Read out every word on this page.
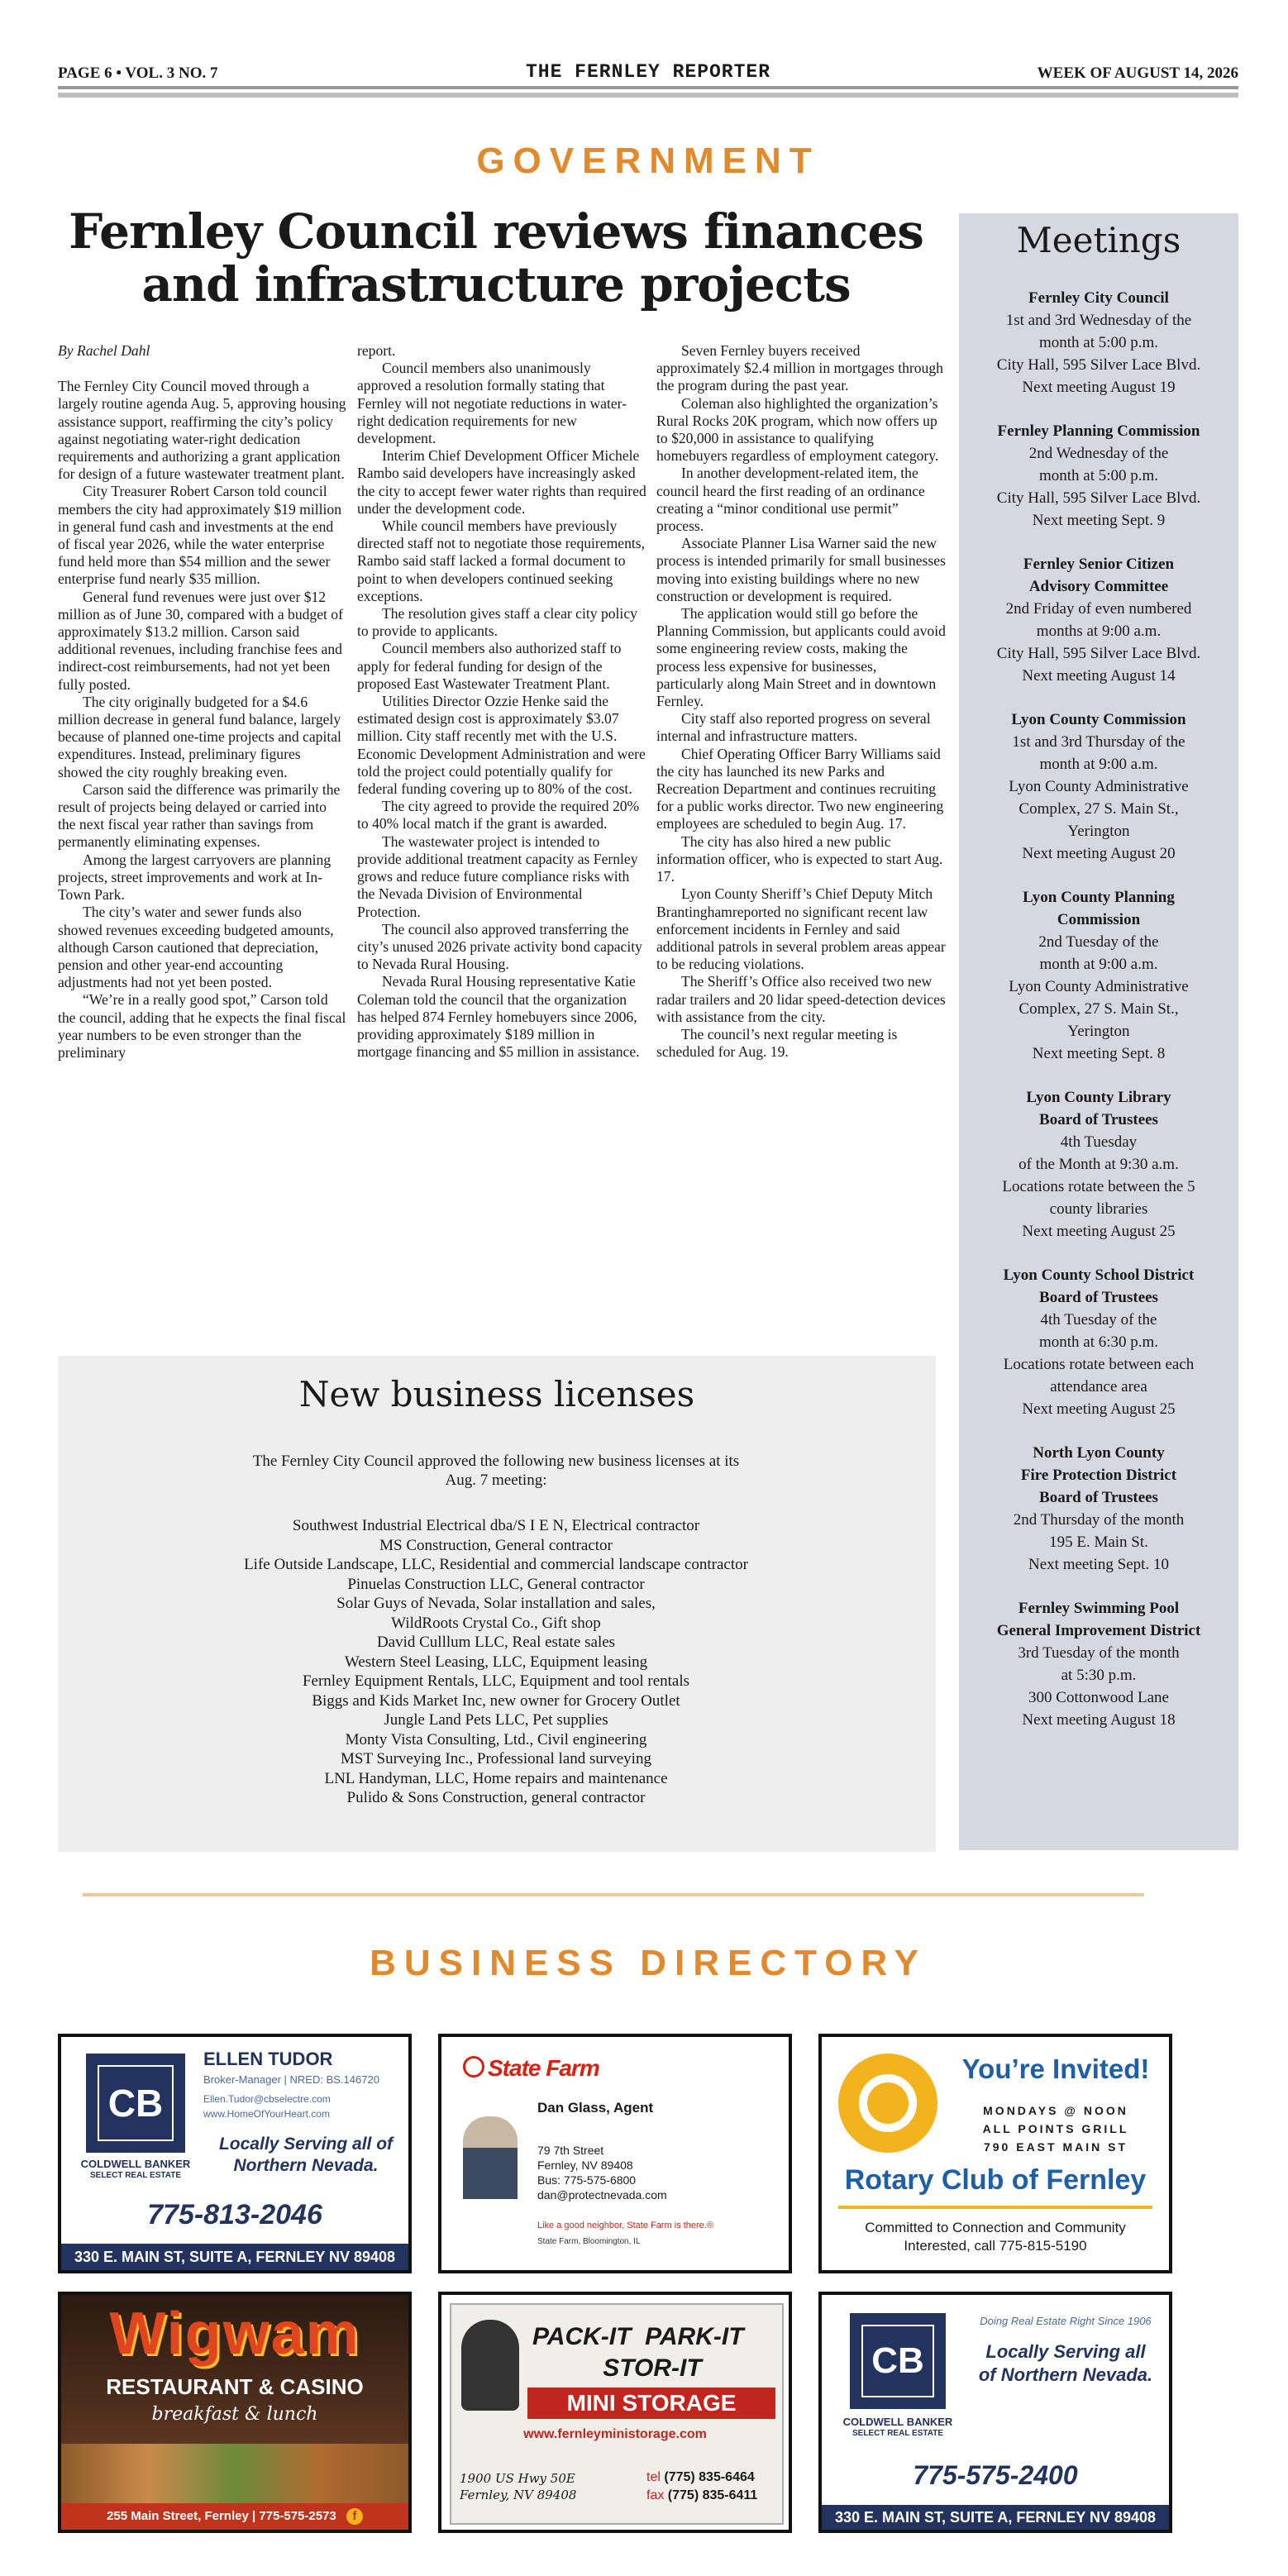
PAGE 6 • VOL. 3 NO. 7	THE FERNLEY REPORTER	WEEK OF AUGUST 14, 2026
GOVERNMENT
Fernley Council reviews finances and infrastructure projects

By Rachel Dahl

The Fernley City Council moved through a largely routine agenda Aug. 5, approving housing assistance support, reaffirming the city’s policy against negotiating water-right dedication requirements and authorizing a grant application for design of a future wastewater treatment plant.

City Treasurer Robert Carson told council members the city had approximately $19 million in general fund cash and investments at the end of fiscal year 2026, while the water enterprise fund held more than $54 million and the sewer enterprise fund nearly $35 million.

General fund revenues were just over $12 million as of June 30, compared with a budget of approximately $13.2 million. Carson said additional revenues, including franchise fees and indirect-cost reimbursements, had not yet been fully posted.

The city originally budgeted for a $4.6 million decrease in general fund balance, largely because of planned one-time projects and capital expenditures. Instead, preliminary figures showed the city roughly breaking even.

Carson said the difference was primarily the result of projects being delayed or carried into the next fiscal year rather than savings from permanently eliminating expenses.

Among the largest carryovers are planning projects, street improvements and work at In-Town Park.

The city’s water and sewer funds also showed revenues exceeding budgeted amounts, although Carson cautioned that depreciation, pension and other year-end accounting adjustments had not yet been posted.

“We’re in a really good spot,” Carson told the council, adding that he expects the final fiscal year numbers to be even stronger than the preliminary

report.

Council members also unanimously approved a resolution formally stating that Fernley will not negotiate reductions in water-right dedication requirements for new development.

Interim Chief Development Officer Michele Rambo said developers have increasingly asked the city to accept fewer water rights than required under the development code.

While council members have previously directed staff not to negotiate those requirements, Rambo said staff lacked a formal document to point to when developers continued seeking exceptions.

The resolution gives staff a clear city policy to provide to applicants.

Council members also authorized staff to apply for federal funding for design of the proposed East Wastewater Treatment Plant.

Utilities Director Ozzie Henke said the estimated design cost is approximately $3.07 million. City staff recently met with the U.S. Economic Development Administration and were told the project could potentially qualify for federal funding covering up to 80% of the cost.

The city agreed to provide the required 20% to 40% local match if the grant is awarded.

The wastewater project is intended to provide additional treatment capacity as Fernley grows and reduce future compliance risks with the Nevada Division of Environmental Protection.

The council also approved transferring the city’s unused 2026 private activity bond capacity to Nevada Rural Housing.

Nevada Rural Housing representative Katie Coleman told the council that the organization has helped 874 Fernley homebuyers since 2006, providing approximately $189 million in mortgage financing and $5 million in assistance.

Seven Fernley buyers received approximately $2.4 million in mortgages through the program during the past year.

Coleman also highlighted the organization’s Rural Rocks 20K program, which now offers up to $20,000 in assistance to qualifying homebuyers regardless of employment category.

In another development-related item, the council heard the first reading of an ordinance creating a “minor conditional use permit” process.

Associate Planner Lisa Warner said the new process is intended primarily for small businesses moving into existing buildings where no new construction or development is required.

The application would still go before the Planning Commission, but applicants could avoid some engineering review costs, making the process less expensive for businesses, particularly along Main Street and in downtown Fernley.

City staff also reported progress on several internal and infrastructure matters.

Chief Operating Officer Barry Williams said the city has launched its new Parks and Recreation Department and continues recruiting for a public works director. Two new engineering employees are scheduled to begin Aug. 17.

The city has also hired a new public information officer, who is expected to start Aug. 17.

Lyon County Sheriff’s Chief Deputy Mitch Brantinghamreported no significant recent law enforcement incidents in Fernley and said additional patrols in several problem areas appear to be reducing violations.

The Sheriff’s Office also received two new radar trailers and 20 lidar speed-detection devices with assistance from the city.

The council’s next regular meeting is scheduled for Aug. 19.

Meetings
Fernley City Council
1st and 3rd Wednesday of the
month at 5:00 p.m.
City Hall, 595 Silver Lace Blvd.
Next meeting August 19
Fernley Planning Commission
2nd Wednesday of the
month at 5:00 p.m.
City Hall, 595 Silver Lace Blvd.
Next meeting Sept. 9
Fernley Senior Citizen
Advisory Committee
2nd Friday of even numbered
months at 9:00 a.m.
City Hall, 595 Silver Lace Blvd.
Next meeting August 14
Lyon County Commission
1st and 3rd Thursday of the
month at 9:00 a.m.
Lyon County Administrative
Complex, 27 S. Main St.,
Yerington
Next meeting August 20
Lyon County Planning
Commission
2nd Tuesday of the
month at 9:00 a.m.
Lyon County Administrative
Complex, 27 S. Main St.,
Yerington
Next meeting Sept. 8
Lyon County Library
Board of Trustees
4th Tuesday
of the Month at 9:30 a.m.
Locations rotate between the 5
county libraries
Next meeting August 25
Lyon County School District
Board of Trustees
4th Tuesday of the
month at 6:30 p.m.
Locations rotate between each
attendance area
Next meeting August 25
North Lyon County
Fire Protection District
Board of Trustees
2nd Thursday of the month
195 E. Main St.
Next meeting Sept. 10
Fernley Swimming Pool
General Improvement District
3rd Tuesday of the month
at 5:30 p.m.
300 Cottonwood Lane
Next meeting August 18
New business licenses
The Fernley City Council approved the following new business licenses at its Aug. 7 meeting:
Southwest Industrial Electrical dba/S I E N, Electrical contractor
MS Construction, General contractor
Life Outside Landscape, LLC, Residential and commercial landscape contractor
Pinuelas Construction LLC, General contractor
Solar Guys of Nevada, Solar installation and sales,
WildRoots Crystal Co., Gift shop
David Culllum LLC, Real estate sales
Western Steel Leasing, LLC, Equipment leasing
Fernley Equipment Rentals, LLC, Equipment and tool rentals
Biggs and Kids Market Inc, new owner for Grocery Outlet
Jungle Land Pets LLC, Pet supplies
Monty Vista Consulting, Ltd., Civil engineering
MST Surveying Inc., Professional land surveying
LNL Handyman, LLC, Home repairs and maintenance
Pulido & Sons Construction, general contractor
BUSINESS DIRECTORY
CB
COLDWELL BANKER
SELECT REAL ESTATE
ELLEN TUDOR
Broker-Manager | NRED: BS.146720
Ellen.Tudor@cbselectre.com
www.HomeOfYourHeart.com
Locally Serving all of
Northern Nevada.
775-813-2046
330 E. MAIN ST, SUITE A, FERNLEY NV 89408
State Farm
Dan Glass, Agent
79 7th Street
Fernley, NV 89408
Bus: 775-575-6800
dan@protectnevada.com
Like a good neighbor, State Farm is there.®
State Farm, Bloomington, IL
You’re Invited!
MONDAYS @ NOON
ALL POINTS GRILL
790 EAST MAIN ST
Rotary Club of Fernley
Committed to Connection and Community
Interested, call 775-815-5190
Wigwam
RESTAURANT & CASINO
breakfast & lunch
255 Main Street, Fernley | 775-575-2573 f
PACK-IT PARK-IT
STOR-IT
MINI STORAGE
www.fernleyministorage.com
1900 US Hwy 50E
Fernley, NV 89408
tel (775) 835-6464
fax (775) 835-6411
CB
COLDWELL BANKER
SELECT REAL ESTATE
Doing Real Estate Right Since 1906
Locally Serving all
of Northern Nevada.
775-575-2400
330 E. MAIN ST, SUITE A, FERNLEY NV 89408
